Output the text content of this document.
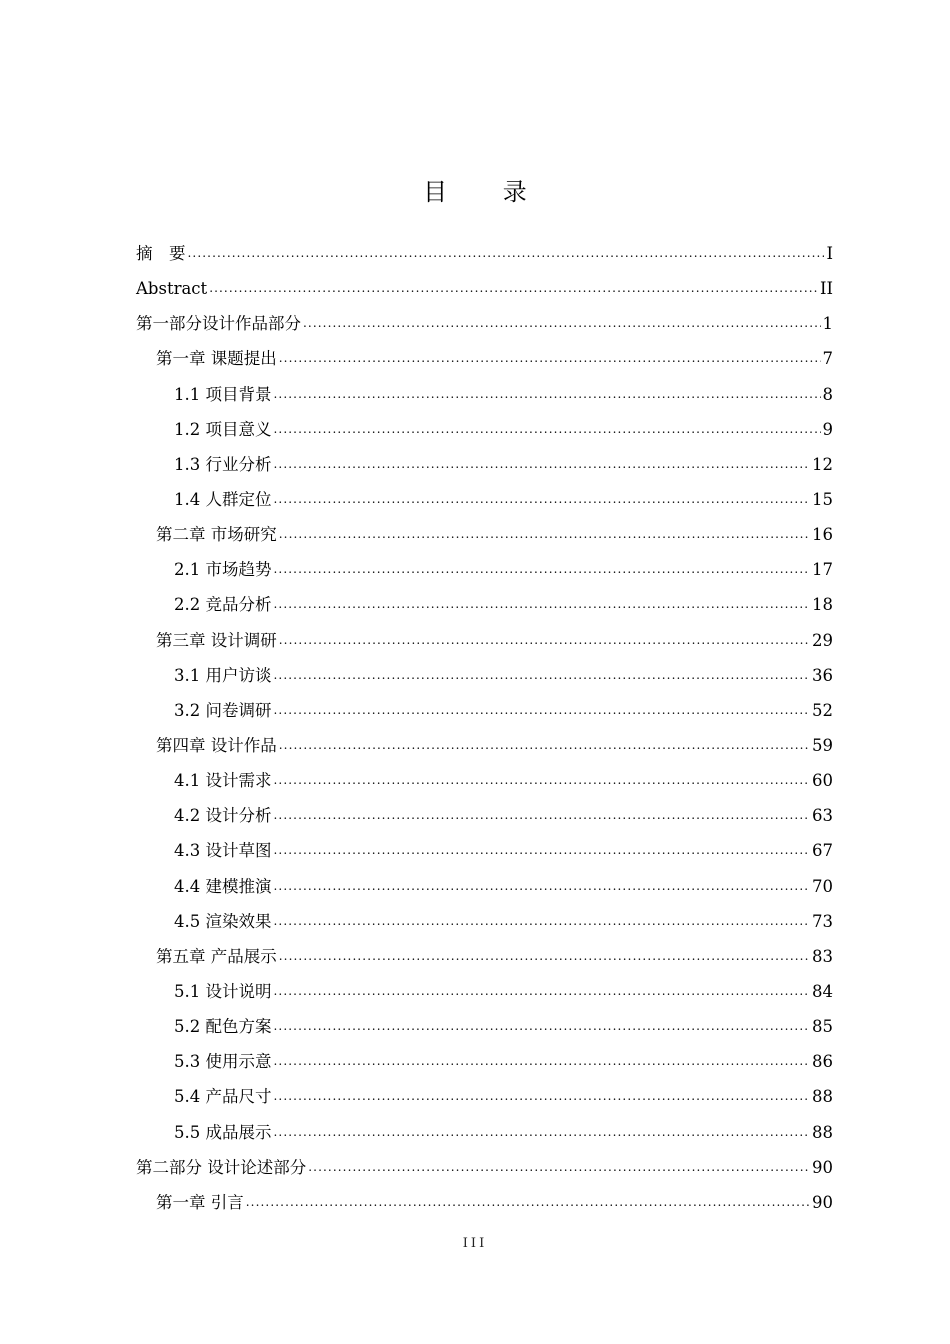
目 录
摘　要 .....	I
Abstract .....	II
第一部分设计作品部分 .....	1
第一章 课题提出 .....	7
1.1 项目背景 .....	8
1.2 项目意义 .....	9
1.3 行业分析 .....	12
1.4 人群定位 .....	15
第二章 市场研究 .....	16
2.1 市场趋势 .....	17
2.2 竞品分析 .....	18
第三章 设计调研 .....	29
3.1 用户访谈 .....	36
3.2 问卷调研 .....	52
第四章 设计作品 .....	59
4.1 设计需求 .....	60
4.2 设计分析 .....	63
4.3 设计草图 .....	67
4.4 建模推演 .....	70
4.5 渲染效果 .....	73
第五章 产品展示 .....	83
5.1 设计说明 .....	84
5.2 配色方案 .....	85
5.3 使用示意 .....	86
5.4 产品尺寸 .....	88
5.5 成品展示 .....	88
第二部分 设计论述部分 .....	90
第一章 引言 .....	90
III
